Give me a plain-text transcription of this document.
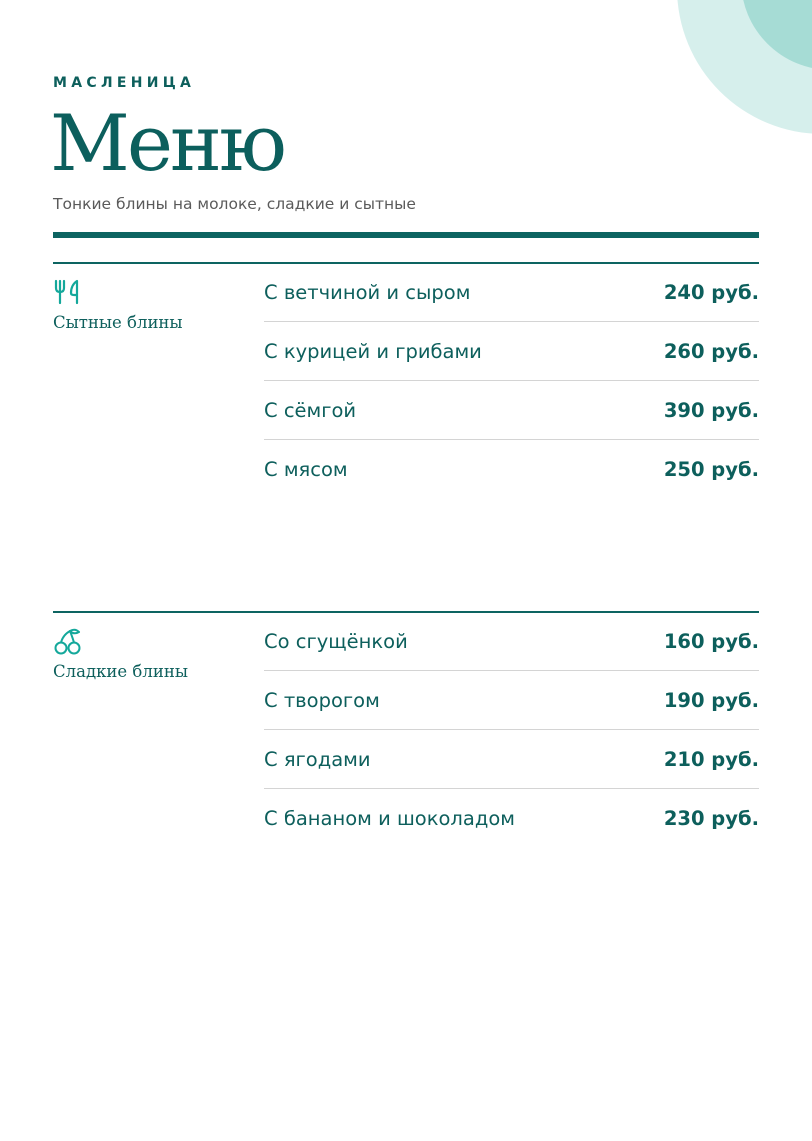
МАСЛЕНИЦА
Меню
Тонкие блины на молоке, сладкие и сытные
Сытные блины
С ветчиной и сыром	240 руб.
С курицей и грибами	260 руб.
С сёмгой	390 руб.
С мясом	250 руб.
Сладкие блины
Со сгущёнкой	160 руб.
С творогом	190 руб.
С ягодами	210 руб.
С бананом и шоколадом	230 руб.
